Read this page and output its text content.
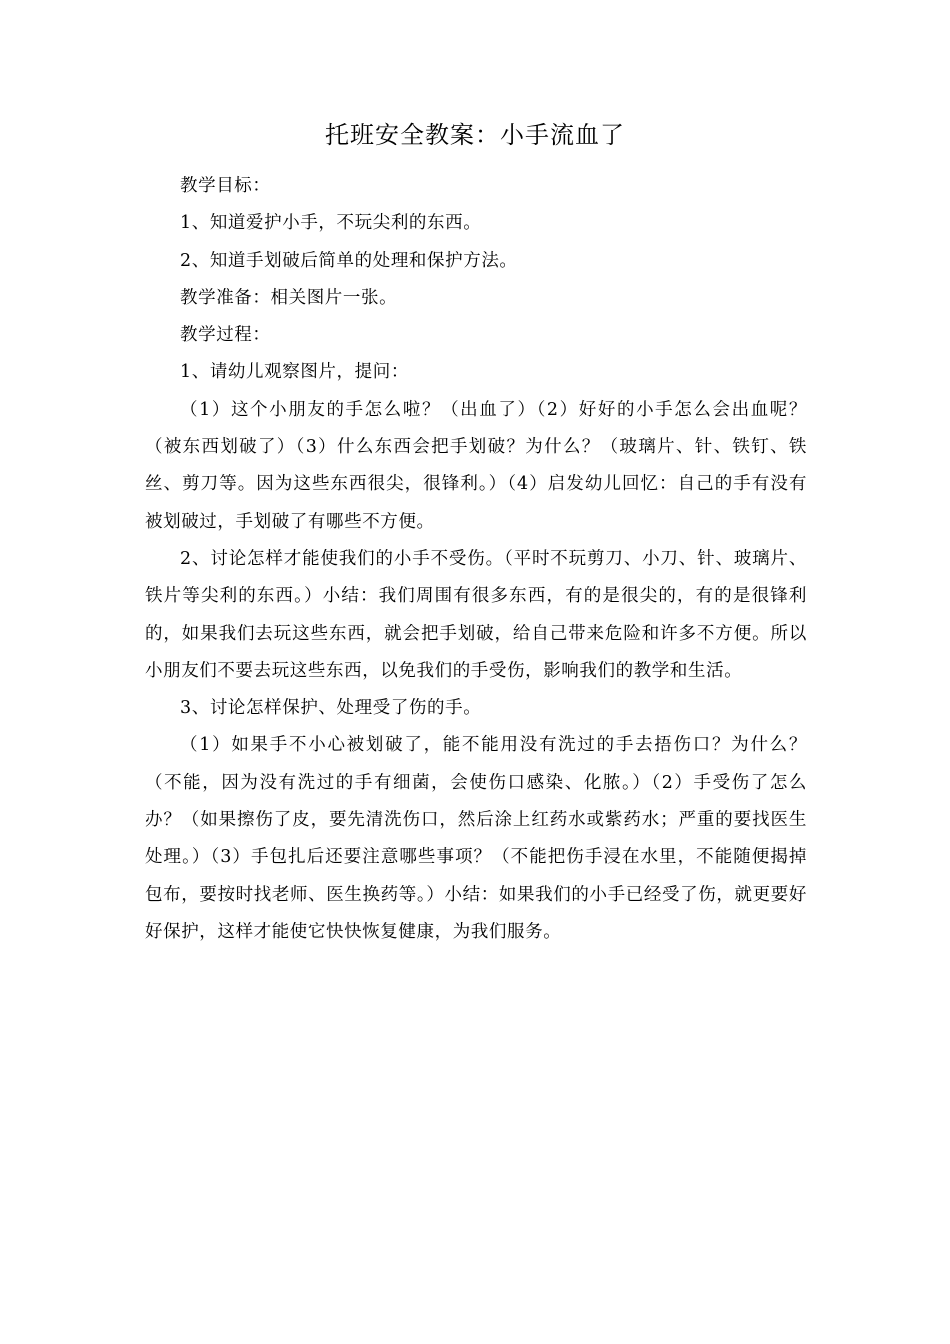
托班安全教案：小手流血了

教学目标：

1、知道爱护小手，不玩尖利的东西。

2、知道手划破后简单的处理和保护方法。

教学准备：相关图片一张。

教学过程：

1、请幼儿观察图片，提问：

（1）这个小朋友的手怎么啦？（出血了）（2）好好的小手怎么会出血呢？（被东西划破了）（3）什么东西会把手划破？为什么？（玻璃片、针、铁钉、铁丝、剪刀等。因为这些东西很尖，很锋利。）（4）启发幼儿回忆：自己的手有没有被划破过，手划破了有哪些不方便。

2、讨论怎样才能使我们的小手不受伤。（平时不玩剪刀、小刀、针、玻璃片、铁片等尖利的东西。）小结：我们周围有很多东西，有的是很尖的，有的是很锋利的，如果我们去玩这些东西，就会把手划破，给自己带来危险和许多不方便。所以小朋友们不要去玩这些东西，以免我们的手受伤，影响我们的教学和生活。

3、讨论怎样保护、处理受了伤的手。

（1）如果手不小心被划破了，能不能用没有洗过的手去捂伤口？为什么？（不能，因为没有洗过的手有细菌，会使伤口感染、化脓。）（2）手受伤了怎么办？（如果擦伤了皮，要先清洗伤口，然后涂上红药水或紫药水；严重的要找医生处理。）（3）手包扎后还要注意哪些事项？（不能把伤手浸在水里，不能随便揭掉包布，要按时找老师、医生换药等。）小结：如果我们的小手已经受了伤，就更要好好保护，这样才能使它快快恢复健康，为我们服务。
